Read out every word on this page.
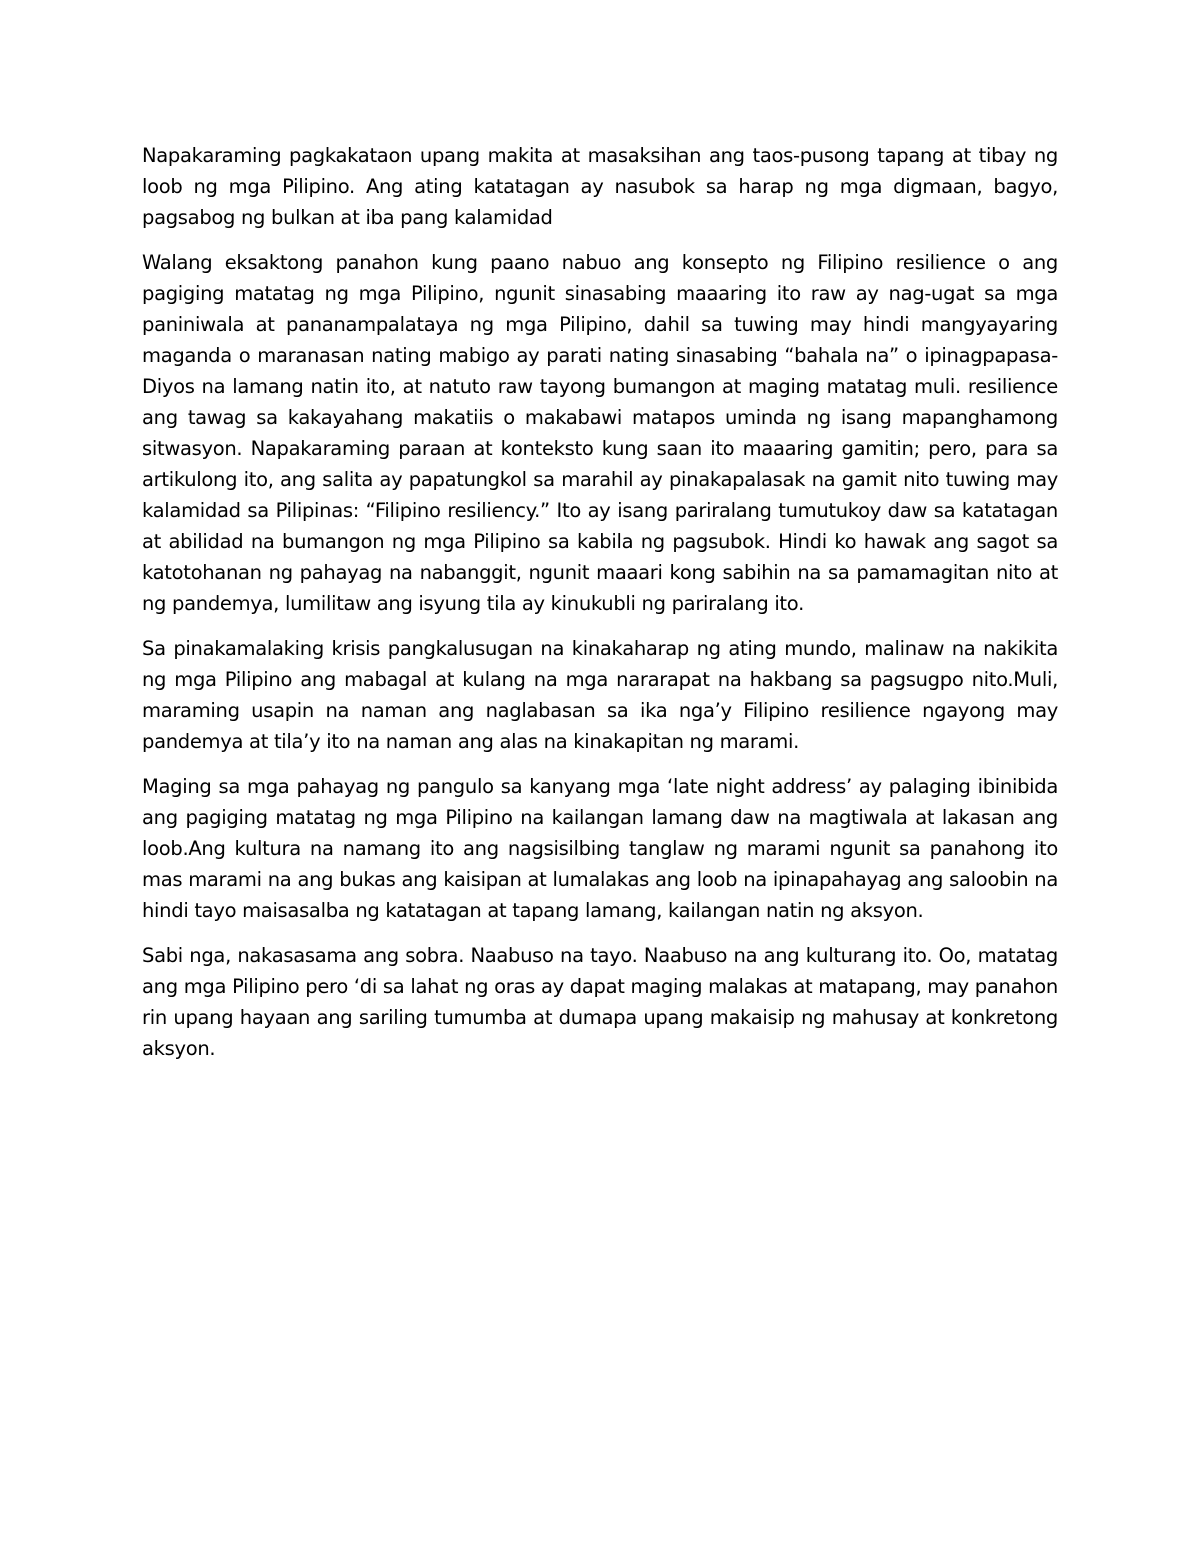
Napakaraming pagkakataon upang makita at masaksihan ang taos-pusong tapang at tibay ng loob ng mga Pilipino. Ang ating katatagan ay nasubok sa harap ng mga digmaan, bagyo, pagsabog ng bulkan at iba pang kalamidad

Walang eksaktong panahon kung paano nabuo ang konsepto ng Filipino resilience o ang pagiging matatag ng mga Pilipino, ngunit sinasabing maaaring ito raw ay nag-ugat sa mga paniniwala at pananampalataya ng mga Pilipino, dahil sa tuwing may hindi mangyayaring maganda o maranasan nating mabigo ay parati nating sinasabing “bahala na” o ipinagpapasa-Diyos na lamang natin ito, at natuto raw tayong bumangon at maging matatag muli. resilience ang tawag sa kakayahang makatiis o makabawi matapos uminda ng isang mapanghamong sitwasyon. Napakaraming paraan at konteksto kung saan ito maaaring gamitin; pero, para sa artikulong ito, ang salita ay papatungkol sa marahil ay pinakapalasak na gamit nito tuwing may kalamidad sa Pilipinas: “Filipino resiliency.” Ito ay isang pariralang tumutukoy daw sa katatagan at abilidad na bumangon ng mga Pilipino sa kabila ng pagsubok. Hindi ko hawak ang sagot sa katotohanan ng pahayag na nabanggit, ngunit maaari kong sabihin na sa pamamagitan nito at ng pandemya, lumilitaw ang isyung tila ay kinukubli ng pariralang ito.

Sa pinakamalaking krisis pangkalusugan na kinakaharap ng ating mundo, malinaw na nakikita ng mga Pilipino ang mabagal at kulang na mga nararapat na hakbang sa pagsugpo nito.Muli, maraming usapin na naman ang naglabasan sa ika nga’y Filipino resilience ngayong may pandemya at tila’y ito na naman ang alas na kinakapitan ng marami.

Maging sa mga pahayag ng pangulo sa kanyang mga ‘late night address’ ay palaging ibinibida ang pagiging matatag ng mga Pilipino na kailangan lamang daw na magtiwala at lakasan ang loob.Ang kultura na namang ito ang nagsisilbing tanglaw ng marami ngunit sa panahong ito mas marami na ang bukas ang kaisipan at lumalakas ang loob na ipinapahayag ang saloobin na hindi tayo maisasalba ng katatagan at tapang lamang, kailangan natin ng aksyon.

Sabi nga, nakasasama ang sobra. Naabuso na tayo. Naabuso na ang kulturang ito. Oo, matatag ang mga Pilipino pero ‘di sa lahat ng oras ay dapat maging malakas at matapang, may panahon rin upang hayaan ang sariling tumumba at dumapa upang makaisip ng mahusay at konkretong aksyon.
